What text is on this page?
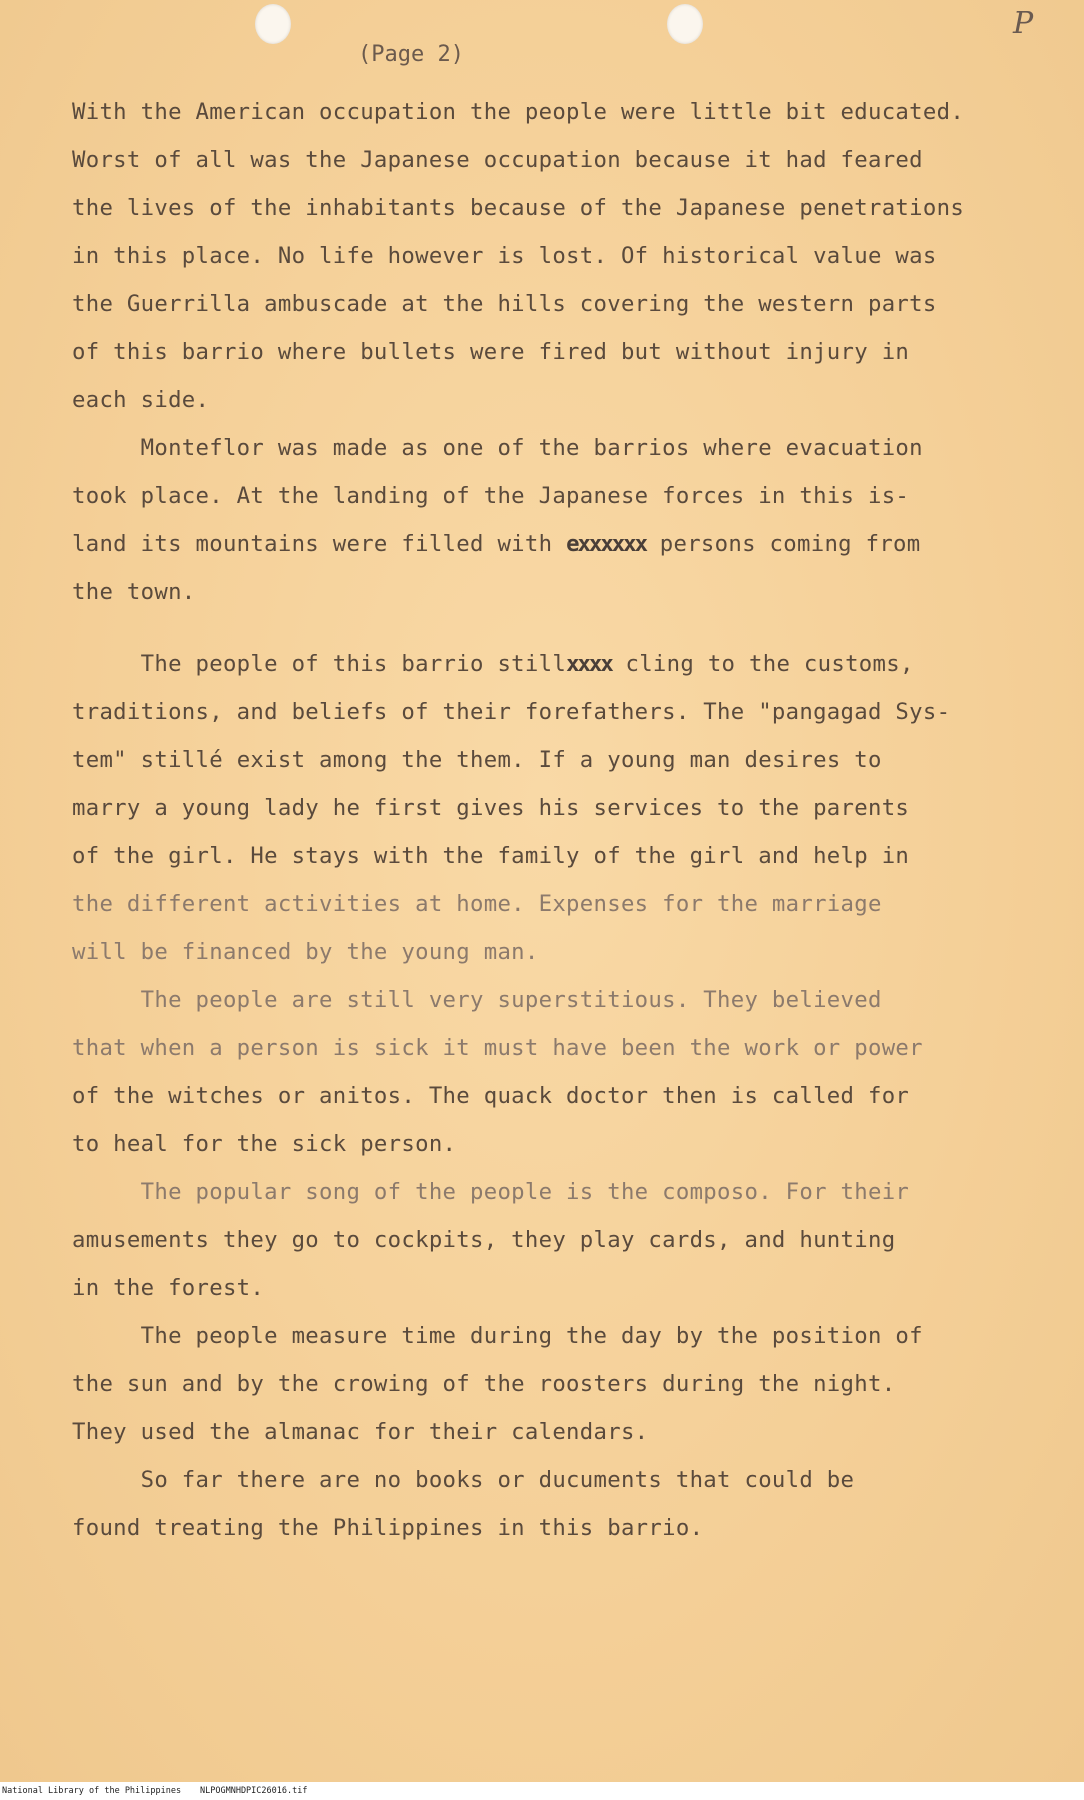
P
(Page 2)
With the American occupation the people were little bit educated.
Worst of all was the Japanese occupation because it had feared
the lives of the inhabitants because of the Japanese penetrations
in this place. No life however is lost. Of historical value was
the Guerrilla ambuscade at the hills covering the western parts
of this barrio where bullets were fired but without injury in
each side.
Monteflor was made as one of the barrios where evacuation
took place. At the landing of the Japanese forces in this is-
land its mountains were filled with exxxxxx persons coming from
the town.
The people of this barrio stillxxxx cling to the customs,
traditions, and beliefs of their forefathers. The "pangagad Sys-
tem" stillé exist among the them. If a young man desires to
marry a young lady he first gives his services to the parents
of the girl. He stays with the family of the girl and help in
the different activities at home. Expenses for the marriage
will be financed by the young man.
The people are still very superstitious. They believed
that when a person is sick it must have been the work or power
of the witches or anitos. The quack doctor then is called for
to heal for the sick person.
The popular song of the people is the composo. For their
amusements they go to cockpits, they play cards, and hunting
in the forest.
The people measure time during the day by the position of
the sun and by the crowing of the roosters during the night.
They used the almanac for their calendars.
So far there are no books or ducuments that could be
found treating the Philippines in this barrio.
National Library of the Philippines NLPOGMNHDPIC26016.tif
